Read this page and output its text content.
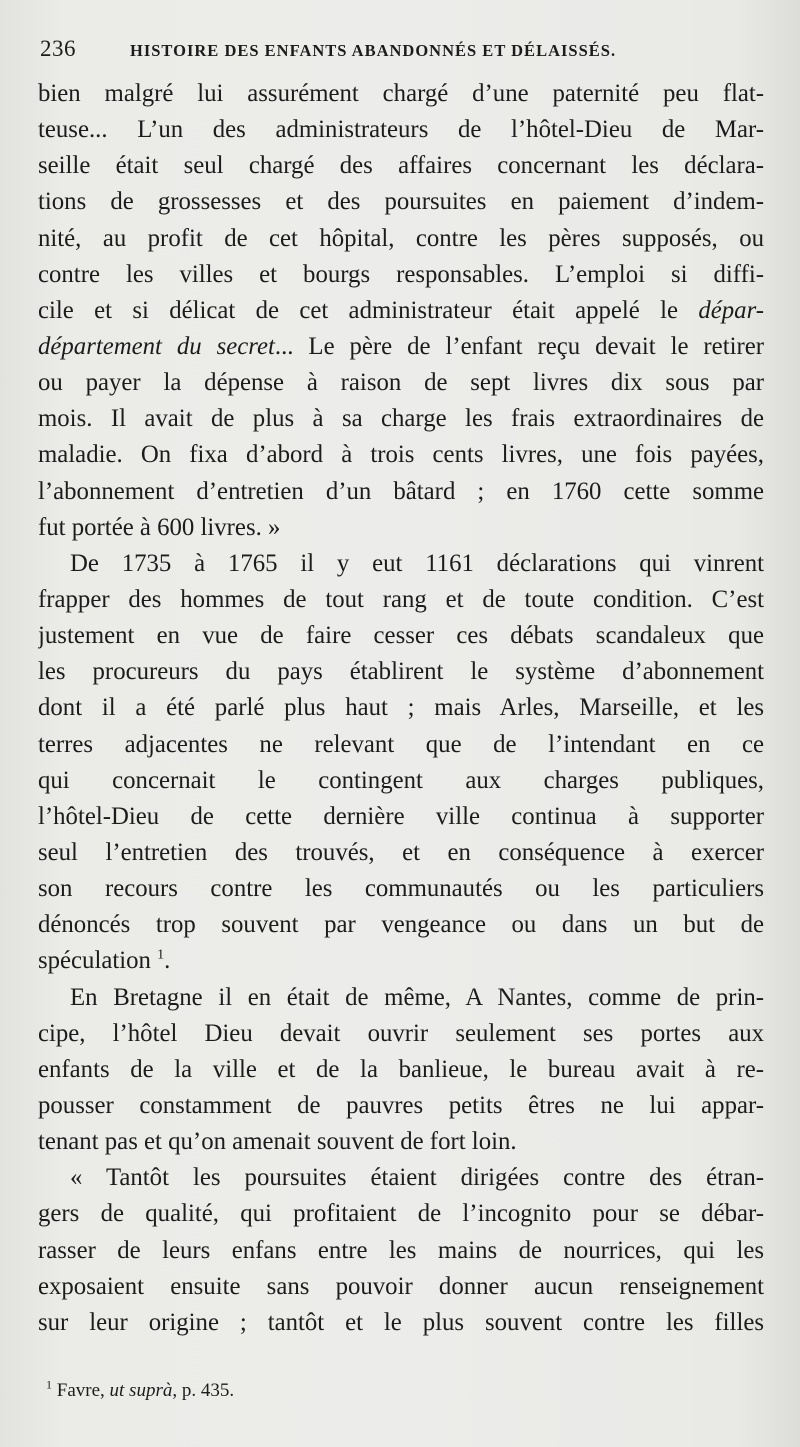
236	HISTOIRE DES ENFANTS ABANDONNÉS ET DÉLAISSÉS.
bien malgré lui assurément chargé d’une paternité peu flat-
teuse... L’un des administrateurs de l’hôtel-Dieu de Mar-
seille était seul chargé des affaires concernant les déclara-
tions de grossesses et des poursuites en paiement d’indem-
nité, au profit de cet hôpital, contre les pères supposés, ou
contre les villes et bourgs responsables. L’emploi si diffi-
cile et si délicat de cet administrateur était appelé le dépar-
département du secret... Le père de l’enfant reçu devait le retirer
ou payer la dépense à raison de sept livres dix sous par
mois. Il avait de plus à sa charge les frais extraordinaires de
maladie. On fixa d’abord à trois cents livres, une fois payées,
l’abonnement d’entretien d’un bâtard ; en 1760 cette somme
fut portée à 600 livres. »
De 1735 à 1765 il y eut 1161 déclarations qui vinrent
frapper des hommes de tout rang et de toute condition. C’est
justement en vue de faire cesser ces débats scandaleux que
les procureurs du pays établirent le système d’abonnement
dont il a été parlé plus haut ; mais Arles, Marseille, et les
terres adjacentes ne relevant que de l’intendant en ce
qui concernait le contingent aux charges publiques,
l’hôtel-Dieu de cette dernière ville continua à supporter
seul l’entretien des trouvés, et en conséquence à exercer
son recours contre les communautés ou les particuliers
dénoncés trop souvent par vengeance ou dans un but de
spéculation $^1$.
En Bretagne il en était de même, A Nantes, comme de prin-
cipe, l’hôtel Dieu devait ouvrir seulement ses portes aux
enfants de la ville et de la banlieue, le bureau avait à re-
pousser constamment de pauvres petits êtres ne lui appar-
tenant pas et qu’on amenait souvent de fort loin.
« Tantôt les poursuites étaient dirigées contre des étran-
gers de qualité, qui profitaient de l’incognito pour se débar-
rasser de leurs enfans entre les mains de nourrices, qui les
exposaient ensuite sans pouvoir donner aucun renseignement
sur leur origine ; tantôt et le plus souvent contre les filles
$^1$ Favre, ut suprà, p. 435.
